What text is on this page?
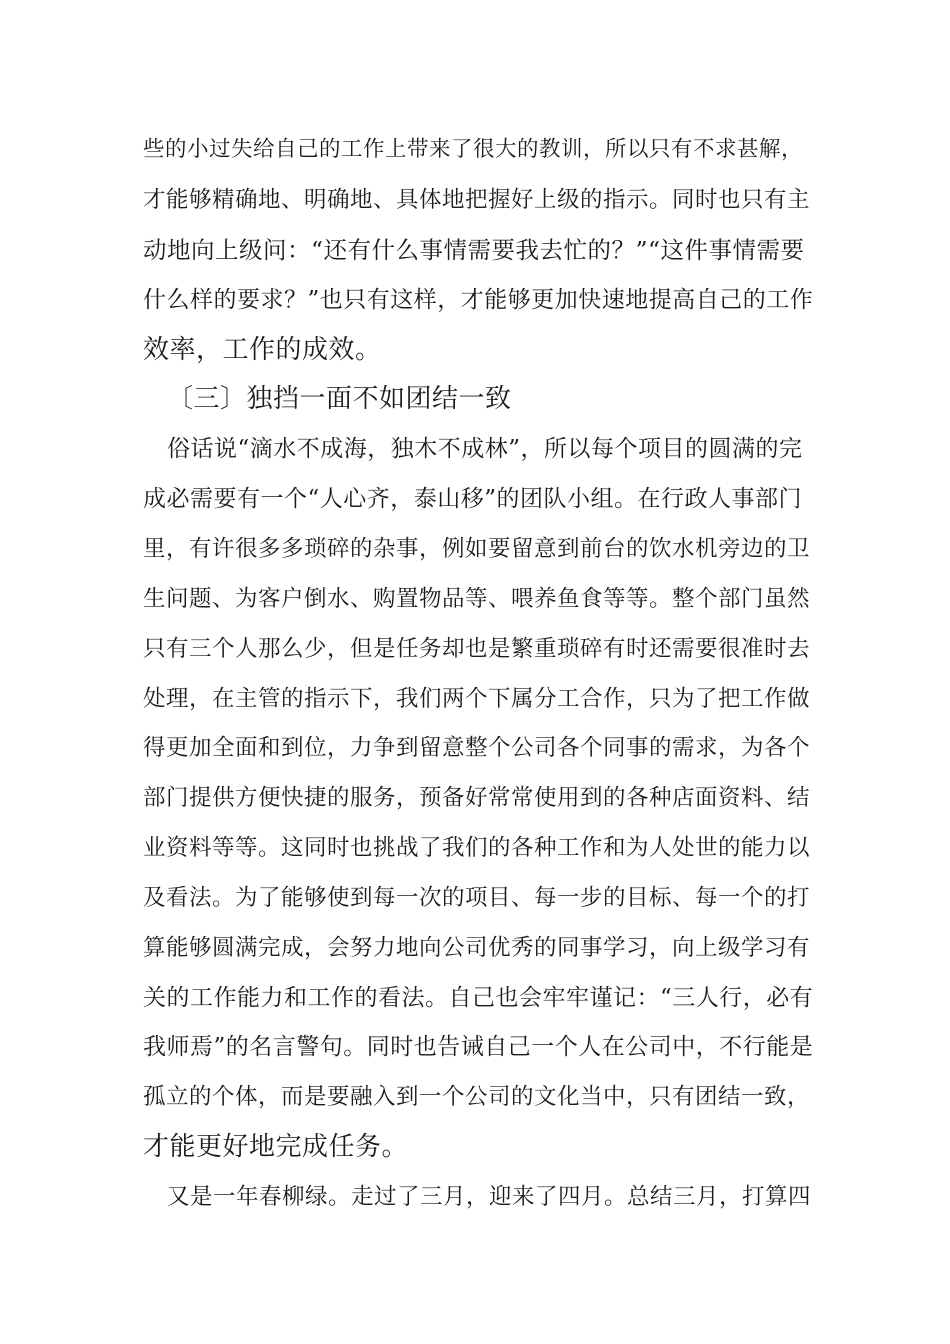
些的小过失给自己的工作上带来了很大的教训，所以只有不求甚解，
才能够精确地、明确地、具体地把握好上级的指示。同时也只有主
动地向上级问：“还有什么事情需要我去忙的？”“这件事情需要
什么样的要求？”也只有这样，才能够更加快速地提高自己的工作
效率，工作的成效。
〔三〕独挡一面不如团结一致
俗话说“滴水不成海，独木不成林”，所以每个项目的圆满的完
成必需要有一个“人心齐，泰山移”的团队小组。在行政人事部门
里，有许很多多琐碎的杂事，例如要留意到前台的饮水机旁边的卫
生问题、为客户倒水、购置物品等、喂养鱼食等等。整个部门虽然
只有三个人那么少，但是任务却也是繁重琐碎有时还需要很准时去
处理，在主管的指示下，我们两个下属分工合作，只为了把工作做
得更加全面和到位，力争到留意整个公司各个同事的需求，为各个
部门提供方便快捷的服务，预备好常常使用到的各种店面资料、结
业资料等等。这同时也挑战了我们的各种工作和为人处世的能力以
及看法。为了能够使到每一次的项目、每一步的目标、每一个的打
算能够圆满完成，会努力地向公司优秀的同事学习，向上级学习有
关的工作能力和工作的看法。自己也会牢牢谨记：“三人行，必有
我师焉”的名言警句。同时也告诫自己一个人在公司中，不行能是
孤立的个体，而是要融入到一个公司的文化当中，只有团结一致，
才能更好地完成任务。
又是一年春柳绿。走过了三月，迎来了四月。总结三月，打算四
